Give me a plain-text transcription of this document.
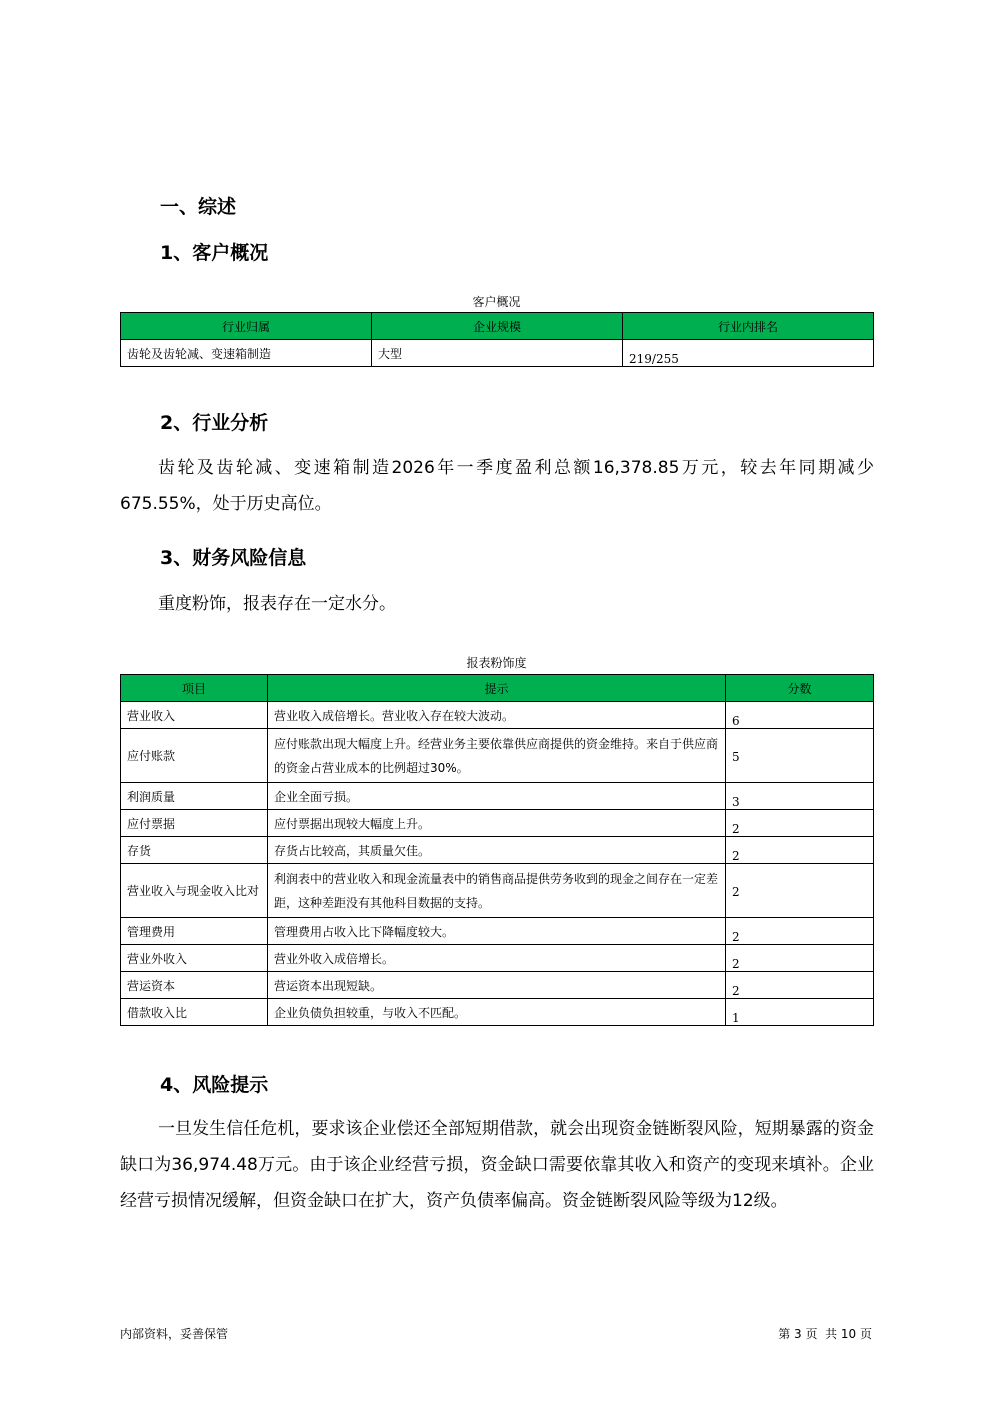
一、综述
1、客户概况
客户概况
行业归属	企业规模	行业内排名
齿轮及齿轮减、变速箱制造	大型	219/255
2、行业分析

齿轮及齿轮减、变速箱制造2026年一季度盈利总额16,378.85万元，较去年同期减少675.55%，处于历史高位。

3、财务风险信息

重度粉饰，报表存在一定水分。

报表粉饰度
项目	提示	分数
营业收入	营业收入成倍增长。营业收入存在较大波动。	6
应付账款	应付账款出现大幅度上升。经营业务主要依靠供应商提供的资金维持。来自于供应商的资金占营业成本的比例超过30%。	5
利润质量	企业全面亏损。	3
应付票据	应付票据出现较大幅度上升。	2
存货	存货占比较高，其质量欠佳。	2
营业收入与现金收入比对	利润表中的营业收入和现金流量表中的销售商品提供劳务收到的现金之间存在一定差距，这种差距没有其他科目数据的支持。	2
管理费用	管理费用占收入比下降幅度较大。	2
营业外收入	营业外收入成倍增长。	2
营运资本	营运资本出现短缺。	2
借款收入比	企业负债负担较重，与收入不匹配。	1
4、风险提示

一旦发生信任危机，要求该企业偿还全部短期借款，就会出现资金链断裂风险，短期暴露的资金缺口为36,974.48万元。由于该企业经营亏损，资金缺口需要依靠其收入和资产的变现来填补。企业经营亏损情况缓解，但资金缺口在扩大，资产负债率偏高。资金链断裂风险等级为12级。

内部资料，妥善保管	第 3 页  共 10 页
